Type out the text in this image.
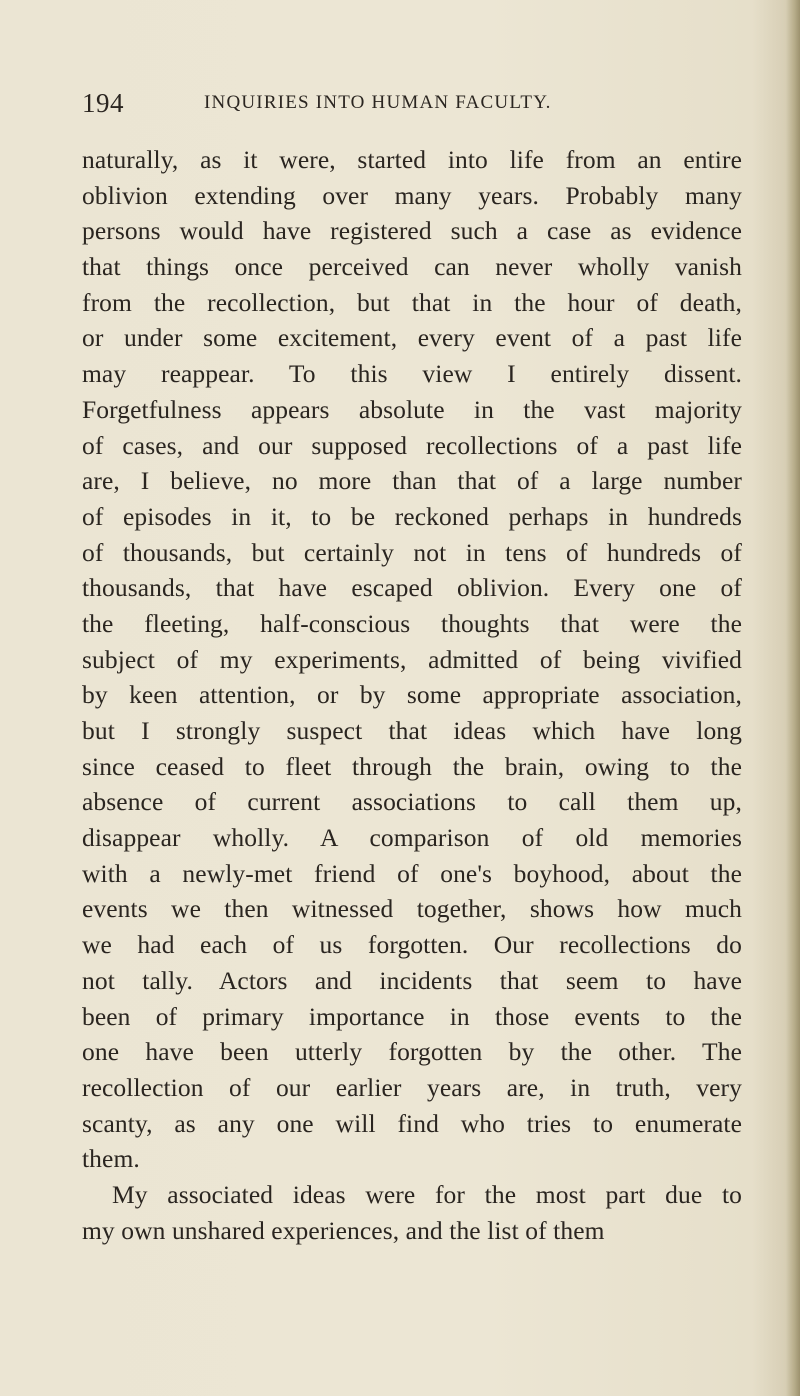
194	INQUIRIES INTO HUMAN FACULTY.
naturally, as it were, started into life from an entire
oblivion extending over many years. Probably many
persons would have registered such a case as evidence
that things once perceived can never wholly vanish
from the recollection, but that in the hour of death,
or under some excitement, every event of a past life
may reappear. To this view I entirely dissent.
Forgetfulness appears absolute in the vast majority
of cases, and our supposed recollections of a past life
are, I believe, no more than that of a large number
of episodes in it, to be reckoned perhaps in hundreds
of thousands, but certainly not in tens of hundreds of
thousands, that have escaped oblivion. Every one of
the fleeting, half-conscious thoughts that were the
subject of my experiments, admitted of being vivified
by keen attention, or by some appropriate association,
but I strongly suspect that ideas which have long
since ceased to fleet through the brain, owing to the
absence of current associations to call them up,
disappear wholly. A comparison of old memories
with a newly-met friend of one's boyhood, about the
events we then witnessed together, shows how much
we had each of us forgotten. Our recollections do
not tally. Actors and incidents that seem to have
been of primary importance in those events to the
one have been utterly forgotten by the other. The
recollection of our earlier years are, in truth, very
scanty, as any one will find who tries to enumerate
them.
My associated ideas were for the most part due to
my own unshared experiences, and the list of them
